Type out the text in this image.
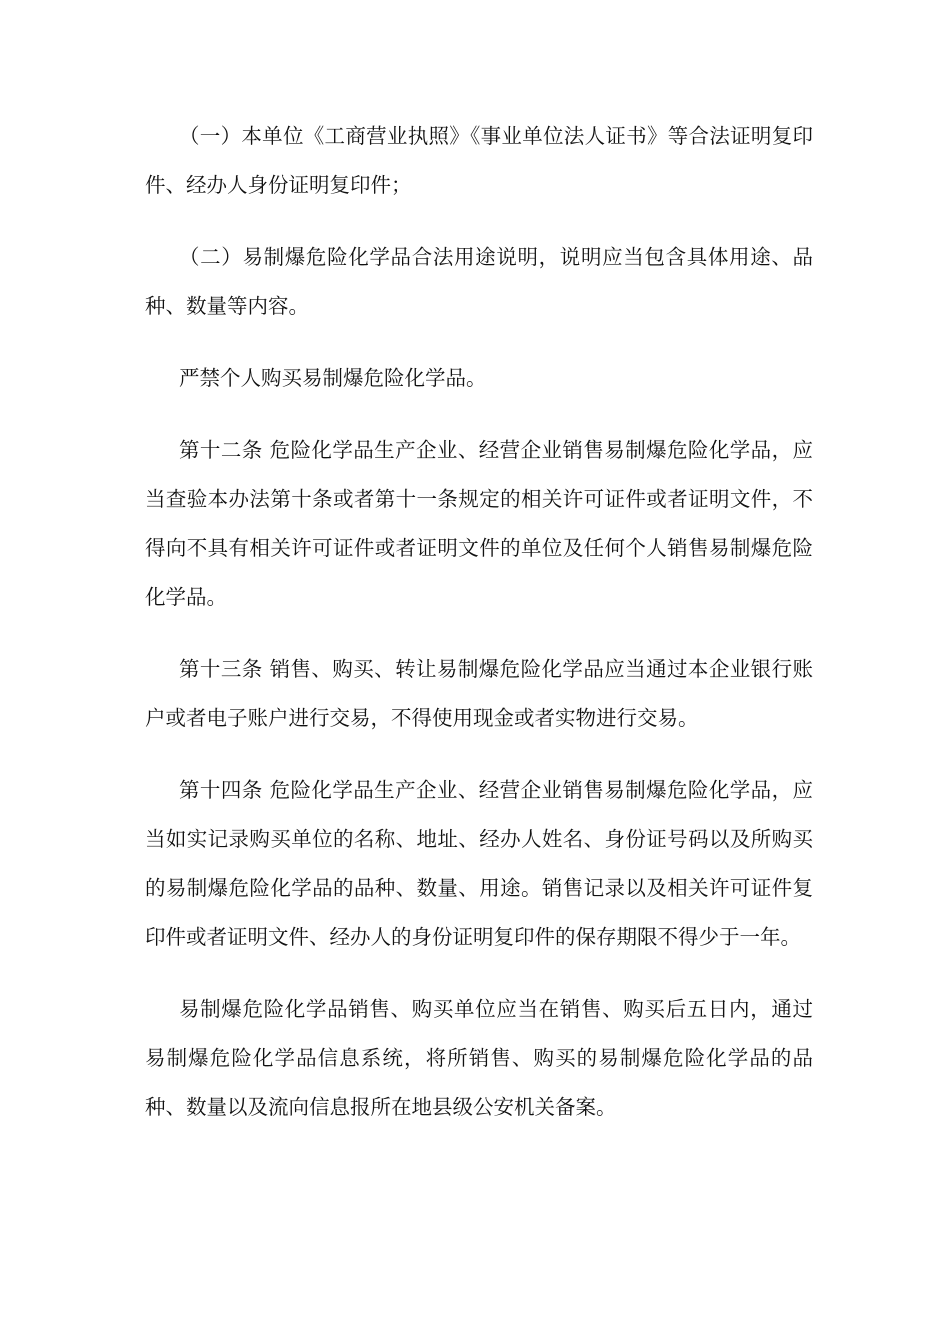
（一）本单位《工商营业执照》《事业单位法人证书》等合法证明复印件、经办人身份证明复印件；

（二）易制爆危险化学品合法用途说明，说明应当包含具体用途、品种、数量等内容。

严禁个人购买易制爆危险化学品。

第十二条 危险化学品生产企业、经营企业销售易制爆危险化学品，应当查验本办法第十条或者第十一条规定的相关许可证件或者证明文件，不得向不具有相关许可证件或者证明文件的单位及任何个人销售易制爆危险化学品。

第十三条 销售、购买、转让易制爆危险化学品应当通过本企业银行账户或者电子账户进行交易，不得使用现金或者实物进行交易。

第十四条 危险化学品生产企业、经营企业销售易制爆危险化学品，应当如实记录购买单位的名称、地址、经办人姓名、身份证号码以及所购买的易制爆危险化学品的品种、数量、用途。销售记录以及相关许可证件复印件或者证明文件、经办人的身份证明复印件的保存期限不得少于一年。

易制爆危险化学品销售、购买单位应当在销售、购买后五日内，通过易制爆危险化学品信息系统，将所销售、购买的易制爆危险化学品的品种、数量以及流向信息报所在地县级公安机关备案。
